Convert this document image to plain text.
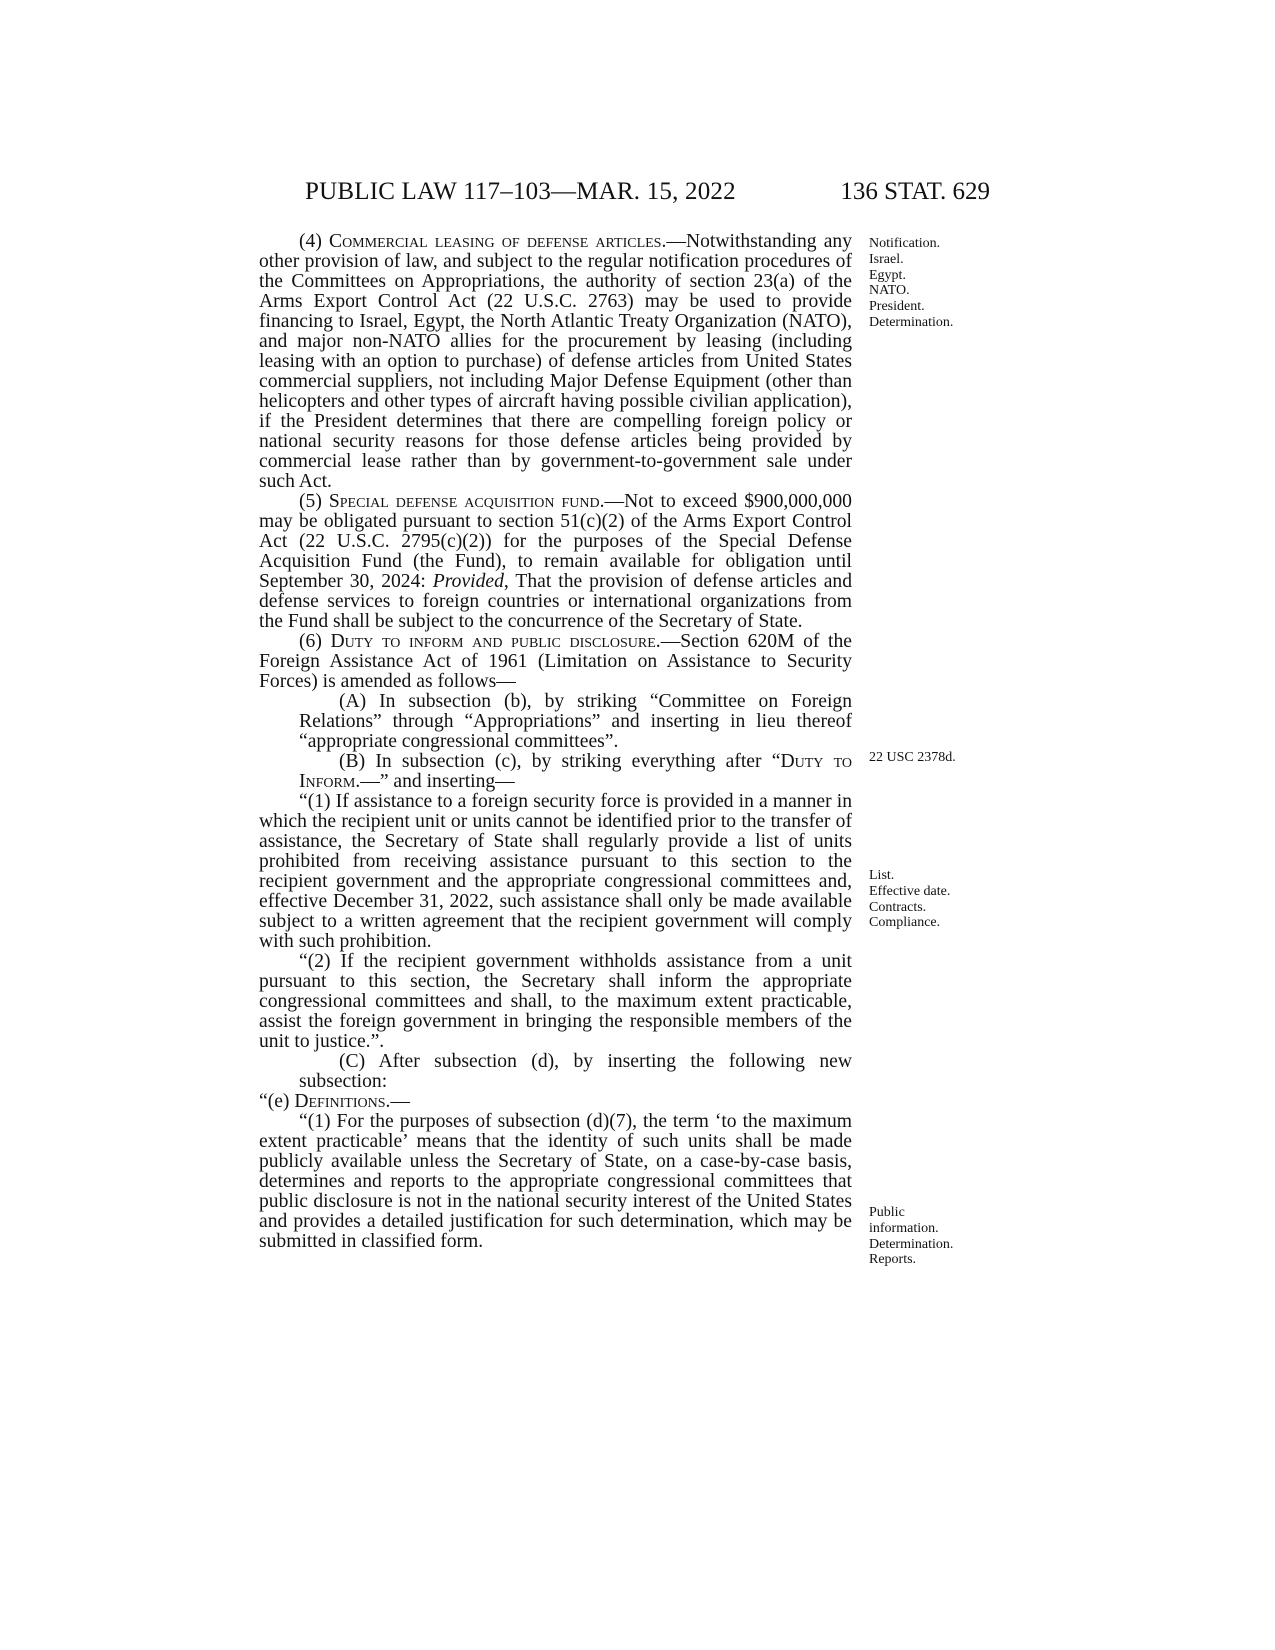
PUBLIC LAW 117–103—MAR. 15, 2022	136 STAT. 629

(4) Commercial leasing of defense articles.—Notwithstanding any other provision of law, and subject to the regular notification procedures of the Committees on Appropriations, the authority of section 23(a) of the Arms Export Control Act (22 U.S.C. 2763) may be used to provide financing to Israel, Egypt, the North Atlantic Treaty Organization (NATO), and major non-NATO allies for the procurement by leasing (including leasing with an option to purchase) of defense articles from United States commercial suppliers, not including Major Defense Equipment (other than helicopters and other types of aircraft having possible civilian application), if the President determines that there are compelling foreign policy or national security reasons for those defense articles being provided by commercial lease rather than by government-to-government sale under such Act.

(5) Special defense acquisition fund.—Not to exceed $900,000,000 may be obligated pursuant to section 51(c)(2) of the Arms Export Control Act (22 U.S.C. 2795(c)(2)) for the purposes of the Special Defense Acquisition Fund (the Fund), to remain available for obligation until September 30, 2024: Provided, That the provision of defense articles and defense services to foreign countries or international organizations from the Fund shall be subject to the concurrence of the Secretary of State.

(6) Duty to inform and public disclosure.—Section 620M of the Foreign Assistance Act of 1961 (Limitation on Assistance to Security Forces) is amended as follows—

(A) In subsection (b), by striking “Committee on Foreign Relations” through “Appropriations” and inserting in lieu thereof “appropriate congressional committees”.

(B) In subsection (c), by striking everything after “Duty to Inform.—” and inserting—

“(1) If assistance to a foreign security force is provided in a manner in which the recipient unit or units cannot be identified prior to the transfer of assistance, the Secretary of State shall regularly provide a list of units prohibited from receiving assistance pursuant to this section to the recipient government and the appropriate congressional committees and, effective December 31, 2022, such assistance shall only be made available subject to a written agreement that the recipient government will comply with such prohibition.

“(2) If the recipient government withholds assistance from a unit pursuant to this section, the Secretary shall inform the appropriate congressional committees and shall, to the maximum extent practicable, assist the foreign government in bringing the responsible members of the unit to justice.”.

(C) After subsection (d), by inserting the following new subsection:

“(e) Definitions.—

“(1) For the purposes of subsection (d)(7), the term ‘to the maximum extent practicable’ means that the identity of such units shall be made publicly available unless the Secretary of State, on a case-by-case basis, determines and reports to the appropriate congressional committees that public disclosure is not in the national security interest of the United States and provides a detailed justification for such determination, which may be submitted in classified form.

Notification.
Israel.
Egypt.
NATO.
President.
Determination.
22 USC 2378d.
List.
Effective date.
Contracts.
Compliance.
Public
information.
Determination.
Reports.
